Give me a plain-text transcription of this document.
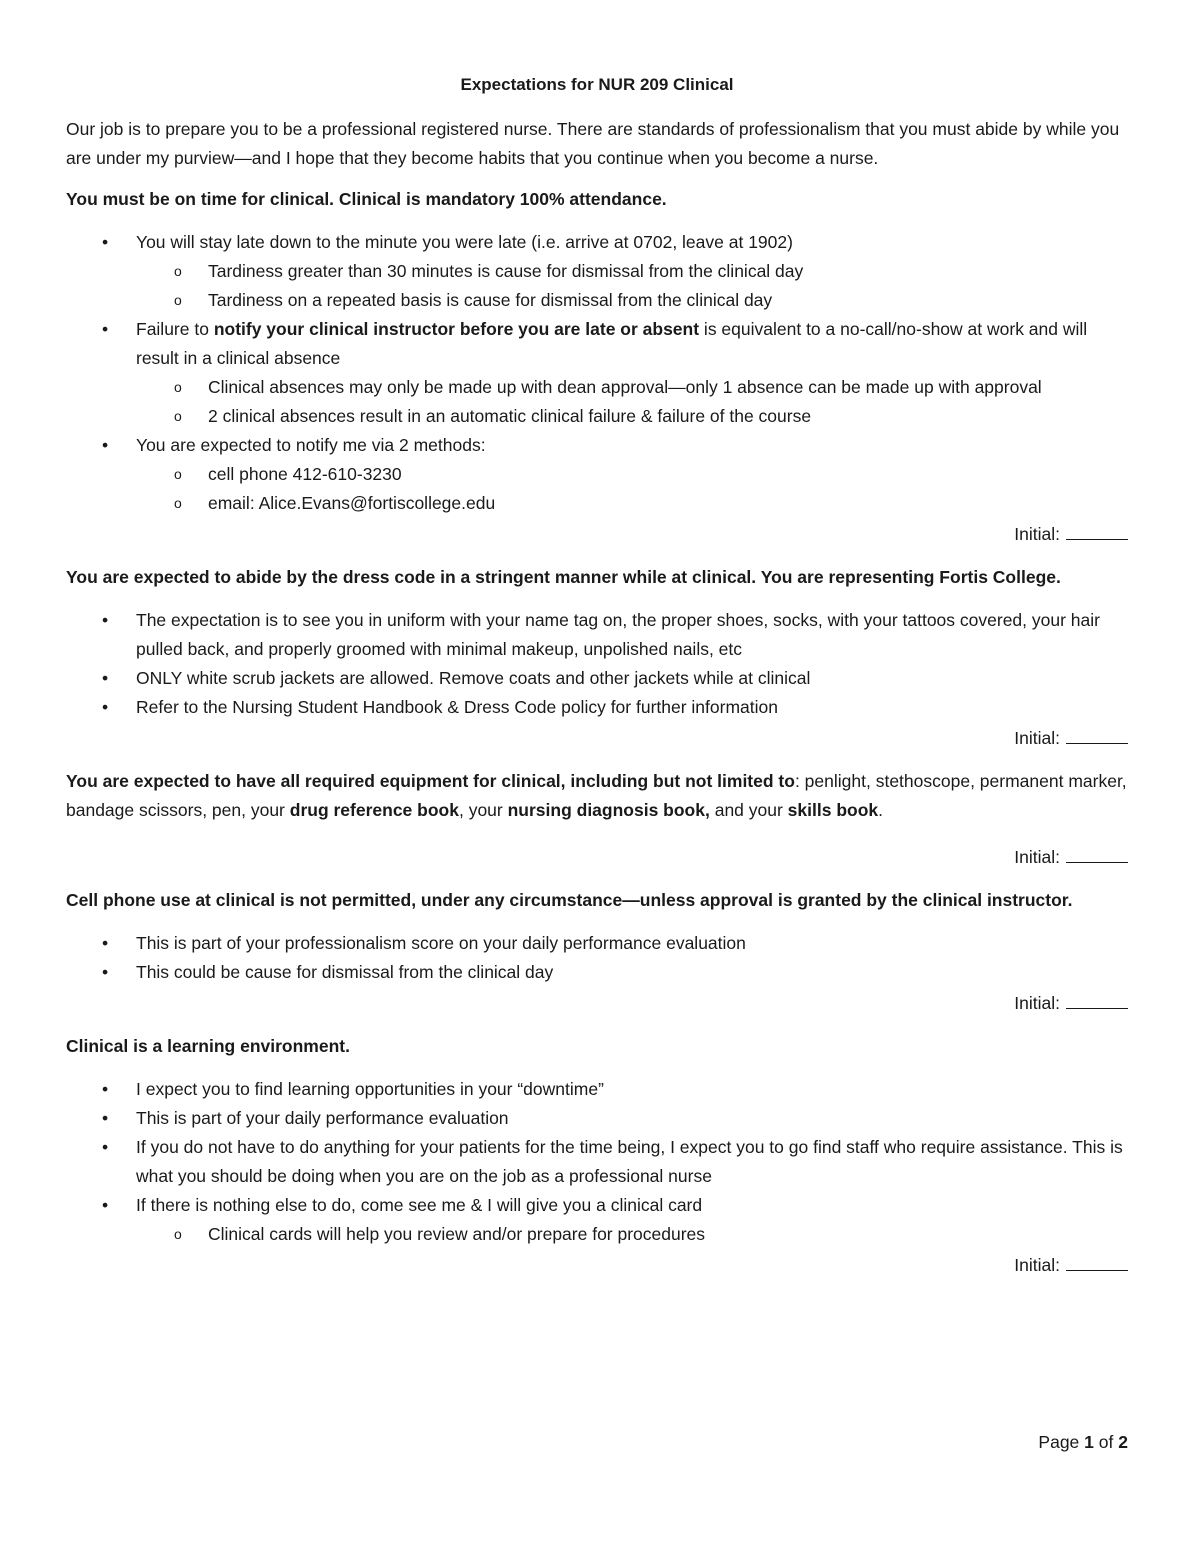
Expectations for NUR 209 Clinical

Our job is to prepare you to be a professional registered nurse. There are standards of professionalism that you must abide by while you are under my purview—and I hope that they become habits that you continue when you become a nurse.

You must be on time for clinical. Clinical is mandatory 100% attendance.

• You will stay late down to the minute you were late (i.e. arrive at 0702, leave at 1902)
o Tardiness greater than 30 minutes is cause for dismissal from the clinical day
o Tardiness on a repeated basis is cause for dismissal from the clinical day
• Failure to notify your clinical instructor before you are late or absent is equivalent to a no-call/no-show at work and will result in a clinical absence
o Clinical absences may only be made up with dean approval—only 1 absence can be made up with approval
o 2 clinical absences result in an automatic clinical failure & failure of the course
• You are expected to notify me via 2 methods:
o cell phone 412-610-3230
o email: Alice.Evans@fortiscollege.edu
Initial:

You are expected to abide by the dress code in a stringent manner while at clinical. You are representing Fortis College.

• The expectation is to see you in uniform with your name tag on, the proper shoes, socks, with your tattoos covered, your hair pulled back, and properly groomed with minimal makeup, unpolished nails, etc
• ONLY white scrub jackets are allowed. Remove coats and other jackets while at clinical
• Refer to the Nursing Student Handbook & Dress Code policy for further information
Initial:

You are expected to have all required equipment for clinical, including but not limited to: penlight, stethoscope, permanent marker, bandage scissors, pen, your drug reference book, your nursing diagnosis book, and your skills book.

Initial:

Cell phone use at clinical is not permitted, under any circumstance—unless approval is granted by the clinical instructor.

• This is part of your professionalism score on your daily performance evaluation
• This could be cause for dismissal from the clinical day
Initial:

Clinical is a learning environment.

• I expect you to find learning opportunities in your “downtime”
• This is part of your daily performance evaluation
• If you do not have to do anything for your patients for the time being, I expect you to go find staff who require assistance. This is what you should be doing when you are on the job as a professional nurse
• If there is nothing else to do, come see me & I will give you a clinical card
o Clinical cards will help you review and/or prepare for procedures
Initial:
Page 1 of 2
